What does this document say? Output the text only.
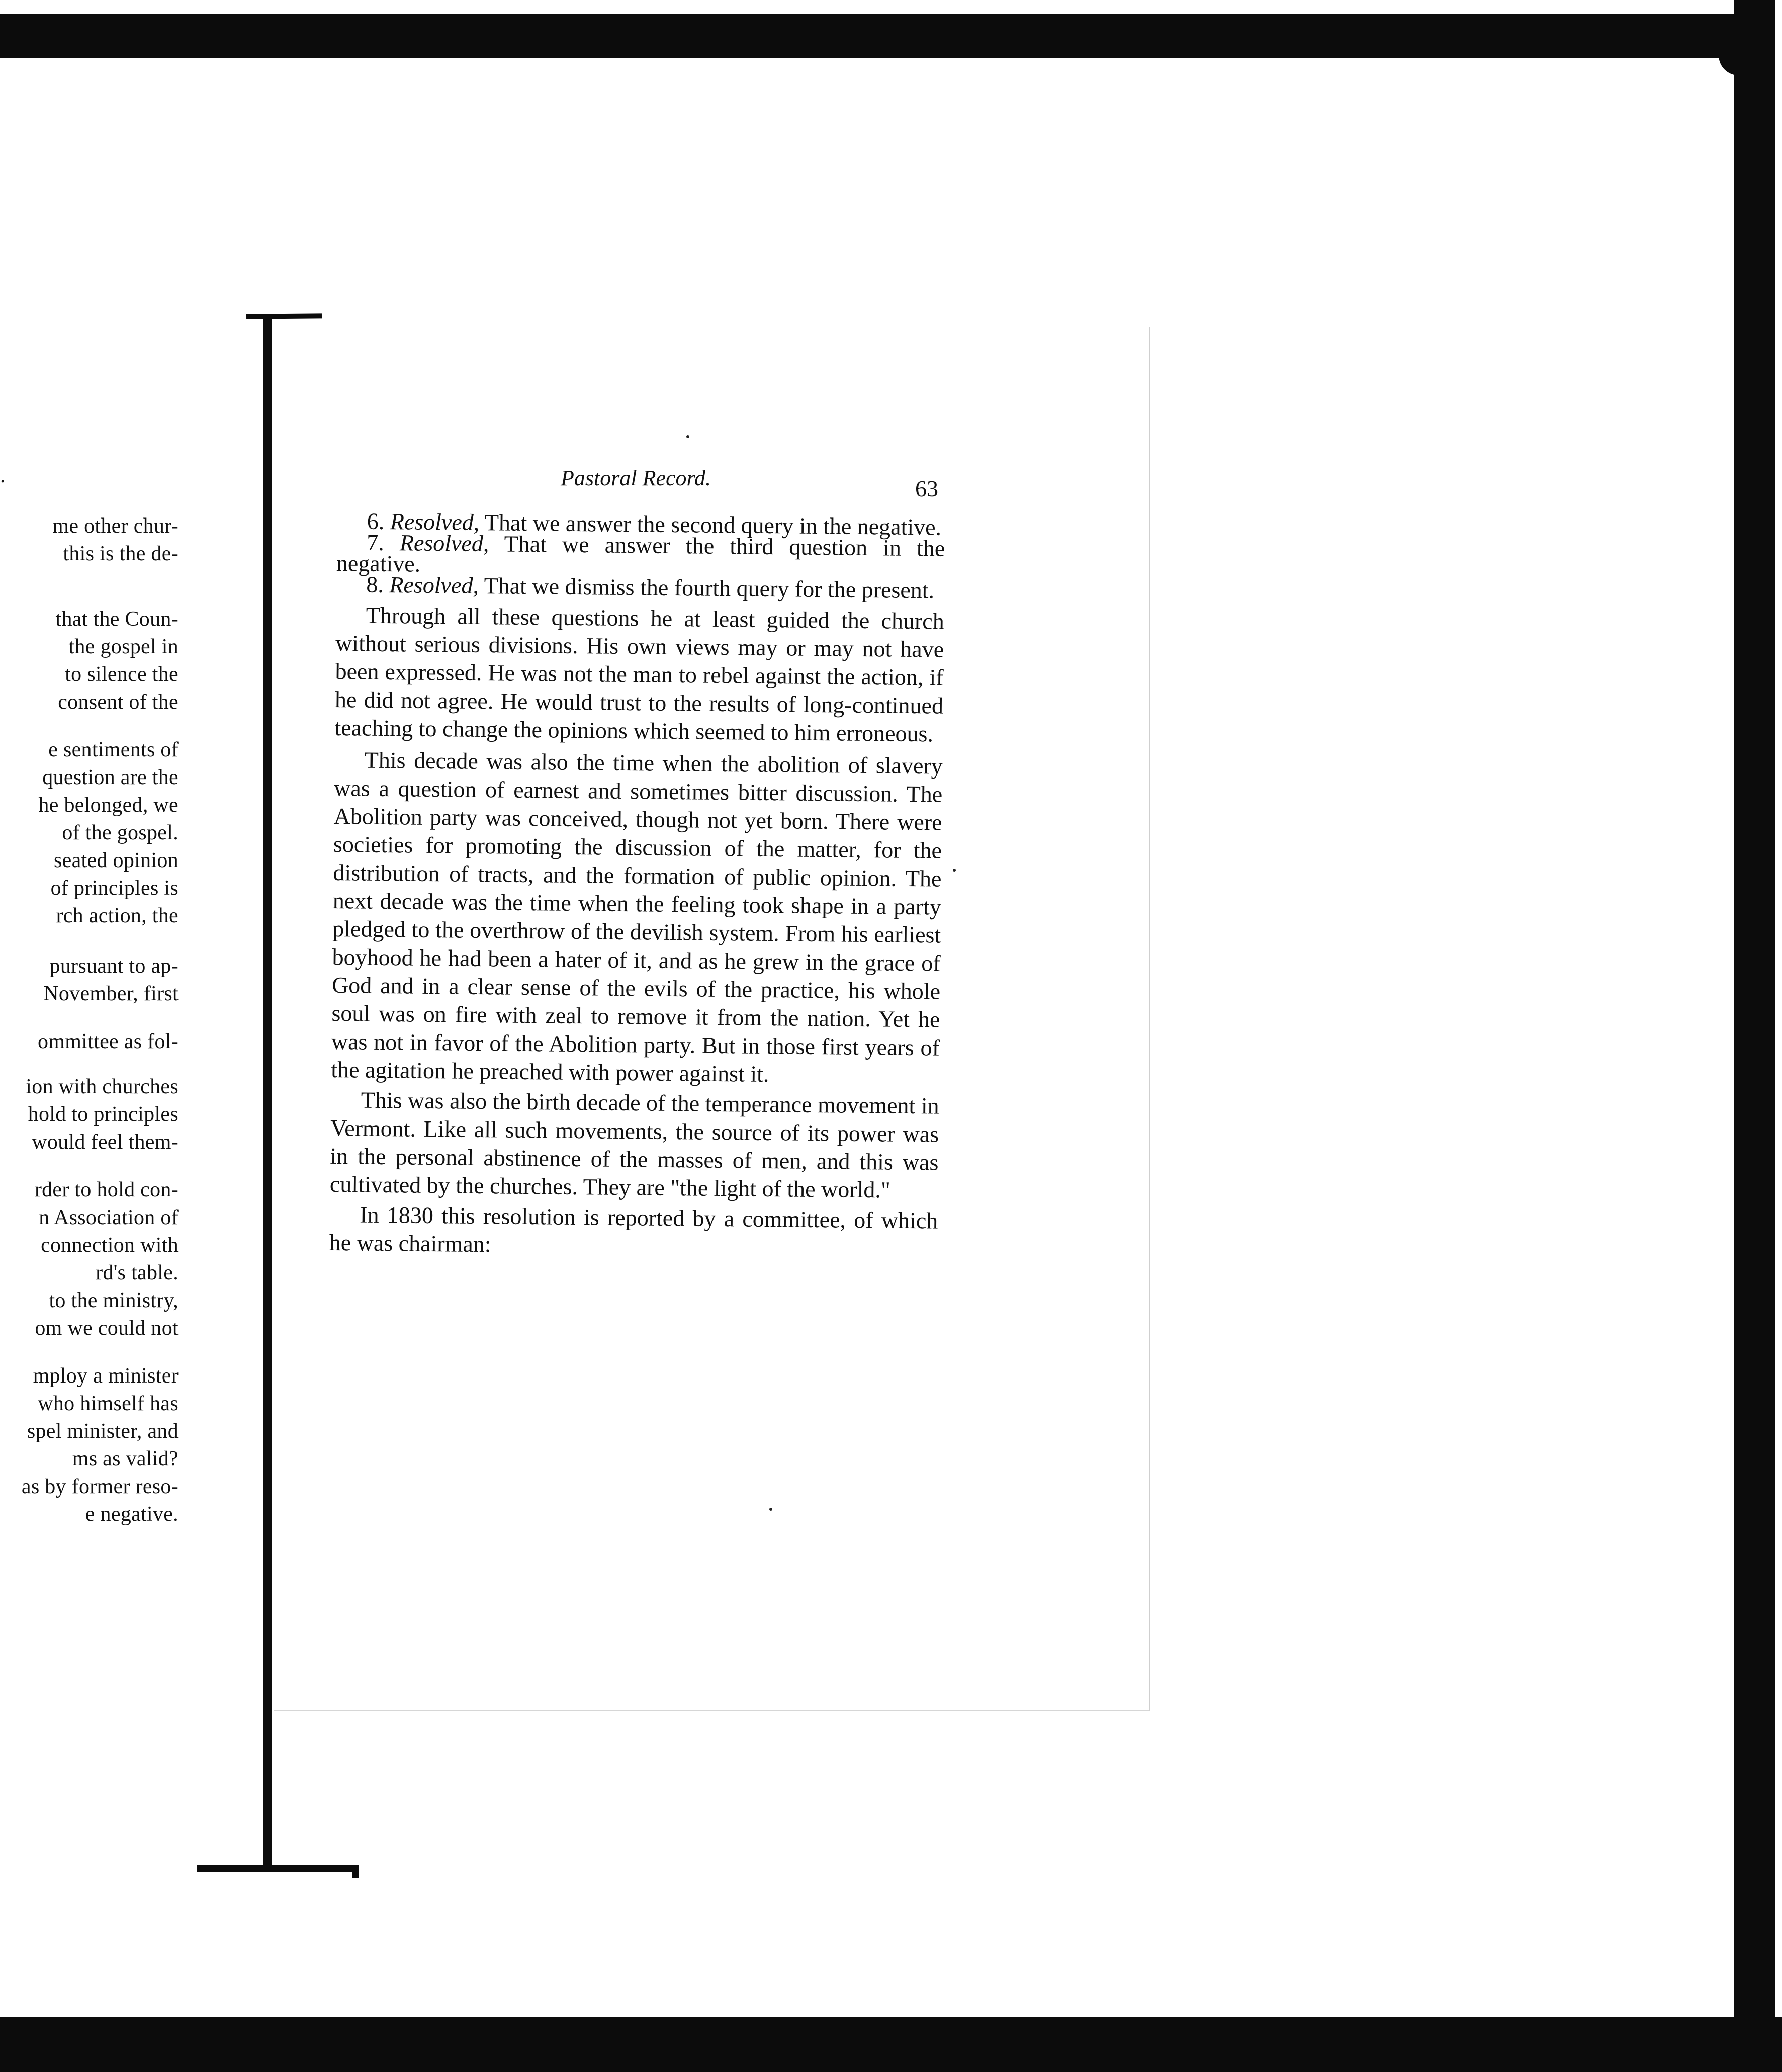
.
me other chur-
this is the de-
that the Coun-
the gospel in
to silence the
consent of the
e sentiments of
question are the
he belonged, we
of the gospel.
seated opinion
of principles is
rch action, the
pursuant to ap-
November, first
ommittee as fol-
ion with churches
hold to principles
would feel them-
rder to hold con-
n Association of
connection with
rd's table.
to the ministry,
om we could not
mploy a minister
who himself has
spel minister, and
ms as valid?
as by former reso-
e negative.
Pastoral Record.	63

6. Resolved, That we answer the second query in the negative.

7. Resolved, That we answer the third question in the negative.

8. Resolved, That we dismiss the fourth query for the present.

Through all these questions he at least guided the church without serious divisions. His own views may or may not have been expressed. He was not the man to rebel against the action, if he did not agree. He would trust to the results of long-continued teaching to change the opinions which seemed to him erroneous.

This decade was also the time when the abolition of slavery was a question of earnest and sometimes bitter discussion. The Abolition party was conceived, though not yet born. There were societies for promoting the discussion of the matter, for the distribution of tracts, and the formation of public opinion. The next decade was the time when the feeling took shape in a party pledged to the overthrow of the devilish system. From his earliest boyhood he had been a hater of it, and as he grew in the grace of God and in a clear sense of the evils of the practice, his whole soul was on fire with zeal to remove it from the nation. Yet he was not in favor of the Abolition party. But in those first years of the agitation he preached with power against it.

This was also the birth decade of the temperance movement in Vermont. Like all such movements, the source of its power was in the personal abstinence of the masses of men, and this was cultivated by the churches. They are "the light of the world."

In 1830 this resolution is reported by a committee, of which he was chairman:
